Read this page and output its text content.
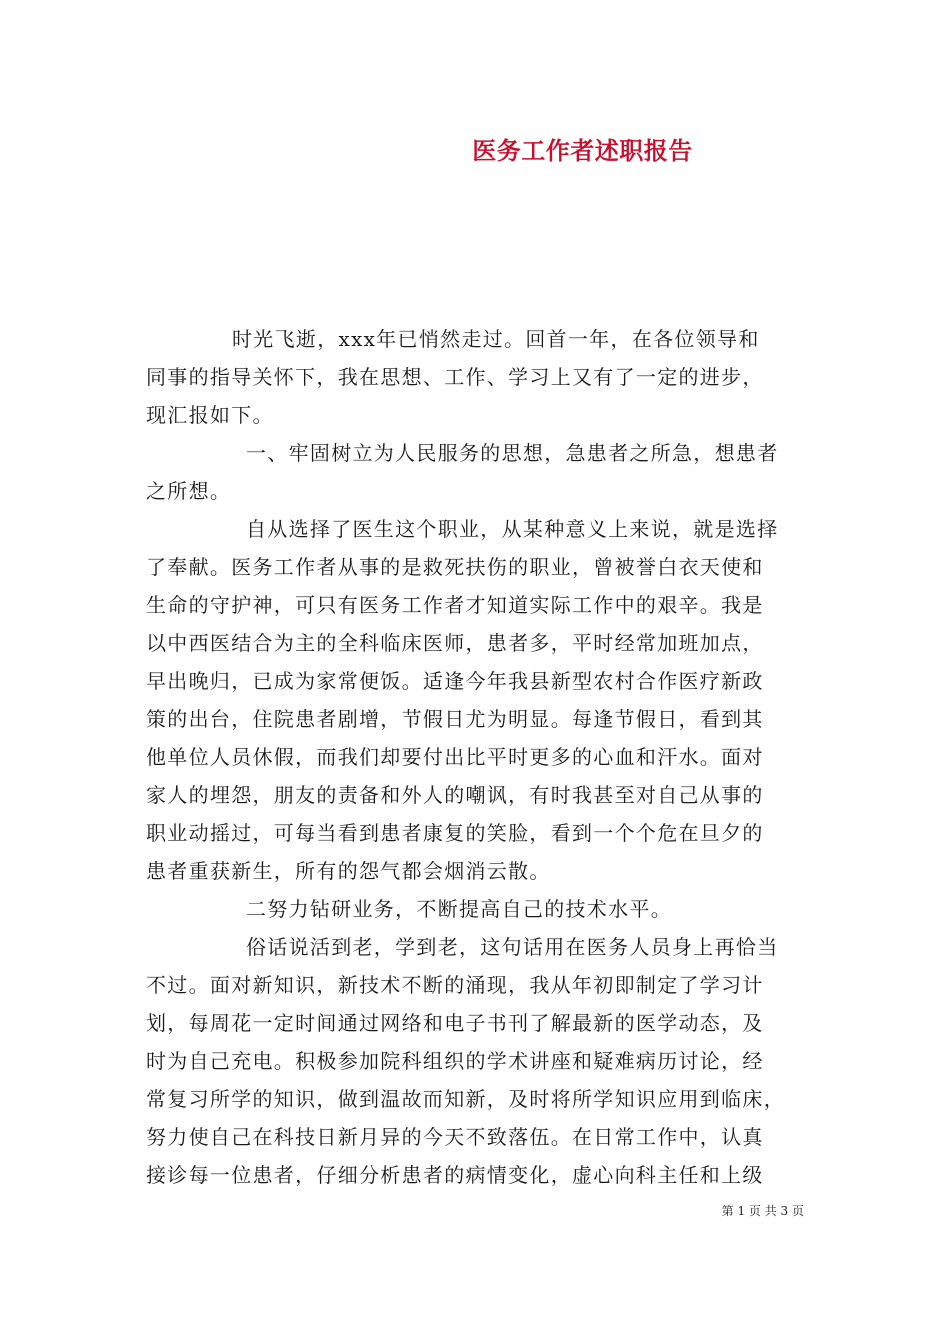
医务工作者述职报告
时光飞逝，xxx年已悄然走过。回首一年，在各位领导和
同事的指导关怀下，我在思想、工作、学习上又有了一定的进步，
现汇报如下。
一、牢固树立为人民服务的思想，急患者之所急，想患者
之所想。
自从选择了医生这个职业，从某种意义上来说，就是选择
了奉献。医务工作者从事的是救死扶伤的职业，曾被誉白衣天使和
生命的守护神，可只有医务工作者才知道实际工作中的艰辛。我是
以中西医结合为主的全科临床医师，患者多，平时经常加班加点，
早出晚归，已成为家常便饭。适逢今年我县新型农村合作医疗新政
策的出台，住院患者剧增，节假日尤为明显。每逢节假日，看到其
他单位人员休假，而我们却要付出比平时更多的心血和汗水。面对
家人的埋怨，朋友的责备和外人的嘲讽，有时我甚至对自己从事的
职业动摇过，可每当看到患者康复的笑脸，看到一个个危在旦夕的
患者重获新生，所有的怨气都会烟消云散。
二努力钻研业务，不断提高自己的技术水平。
俗话说活到老，学到老，这句话用在医务人员身上再恰当
不过。面对新知识，新技术不断的涌现，我从年初即制定了学习计
划，每周花一定时间通过网络和电子书刊了解最新的医学动态，及
时为自己充电。积极参加院科组织的学术讲座和疑难病历讨论，经
常复习所学的知识，做到温故而知新，及时将所学知识应用到临床，
努力使自己在科技日新月异的今天不致落伍。在日常工作中，认真
接诊每一位患者，仔细分析患者的病情变化，虚心向科主任和上级
第 1 页 共 3 页
